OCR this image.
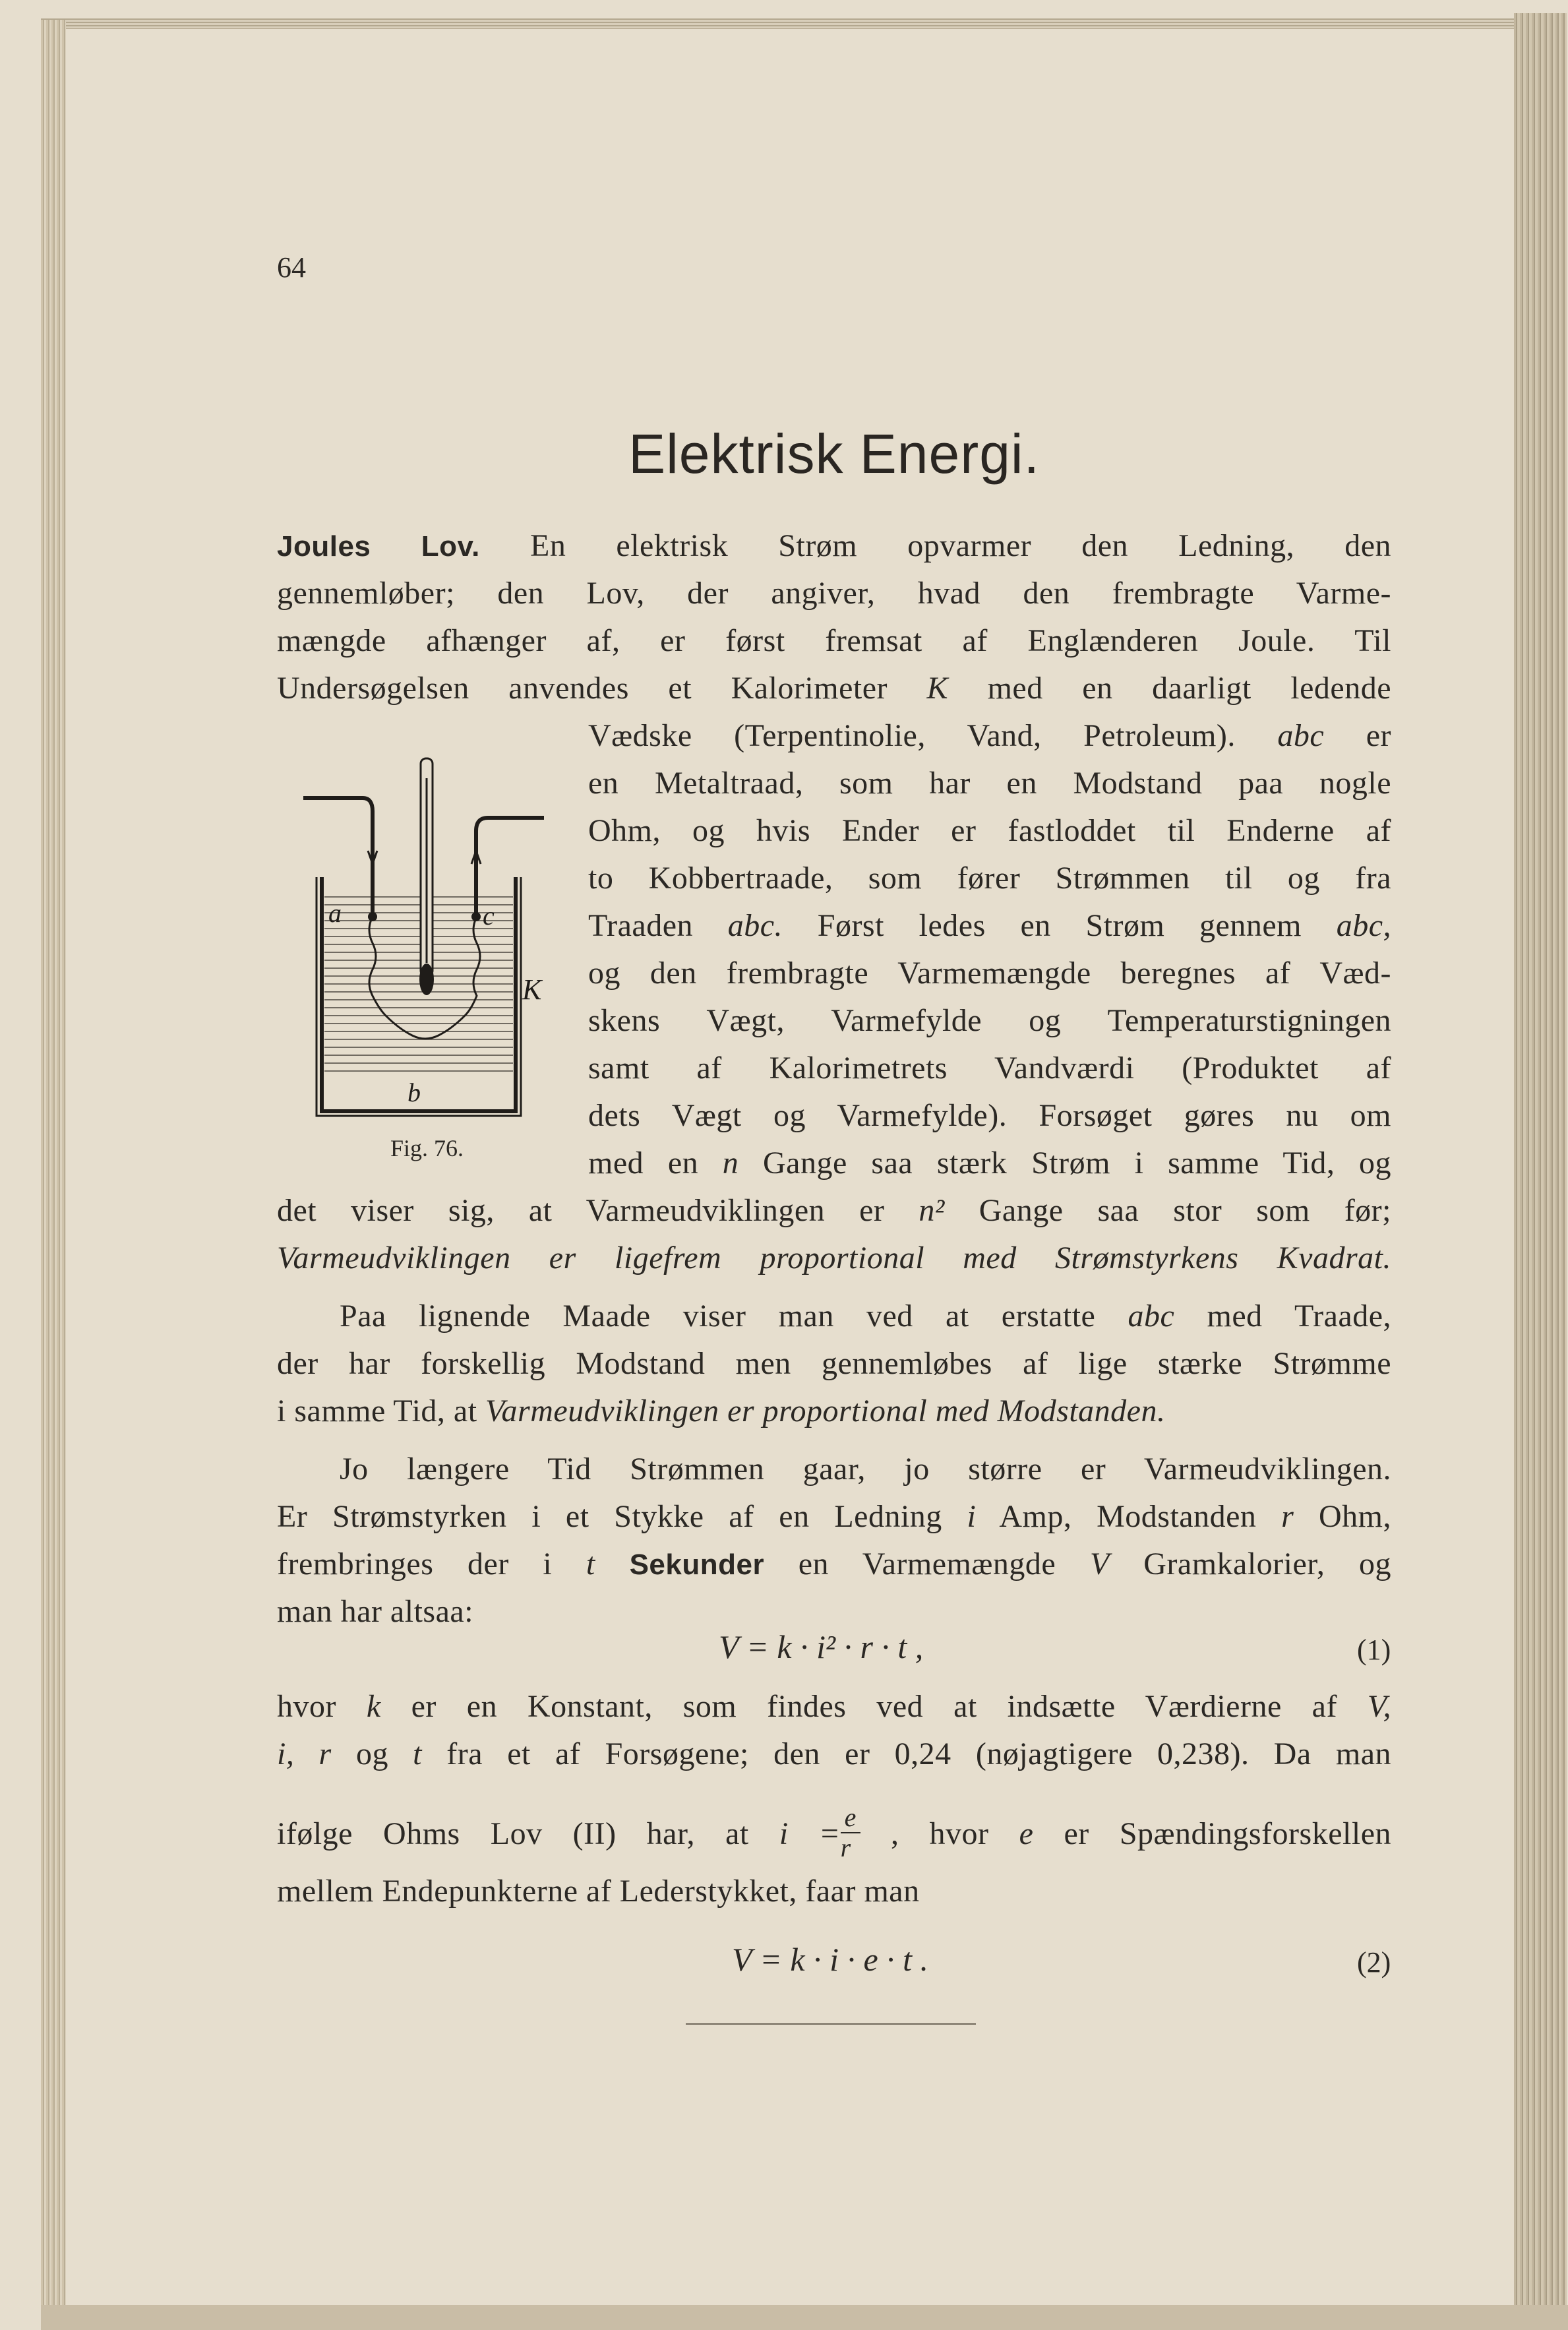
64
Elektrisk Energi.
Joules Lov. En elektrisk Strøm opvarmer den Ledning, den
gennemløber; den Lov, der angiver, hvad den frembragte Varme-
mængde afhænger af, er først fremsat af Englænderen Joule. Til
Undersøgelsen anvendes et Kalorimeter K med en daarligt ledende
Vædske (Terpentinolie, Vand, Petroleum). abc er
en Metaltraad, som har en Modstand paa nogle
Ohm, og hvis Ender er fastloddet til Enderne af
to Kobbertraade, som fører Strømmen til og fra
Traaden abc. Først ledes en Strøm gennem abc,
og den frembragte Varmemængde beregnes af Væd-
skens Vægt, Varmefylde og Temperaturstigningen
samt af Kalorimetrets Vandværdi (Produktet af
dets Vægt og Varmefylde). Forsøget gøres nu om
med en n Gange saa stærk Strøm i samme Tid, og
det viser sig, at Varmeudviklingen er n² Gange saa stor som før;
Varmeudviklingen er ligefrem proportional med Strømstyrkens Kvadrat.
Paa lignende Maade viser man ved at erstatte abc med Traade,
der har forskellig Modstand men gennemløbes af lige stærke Strømme
i samme Tid, at Varmeudviklingen er proportional med Modstanden.
Jo længere Tid Strømmen gaar, jo større er Varmeudviklingen.
Er Strømstyrken i et Stykke af en Ledning i Amp, Modstanden r Ohm,
frembringes der i t Sekunder en Varmemængde V Gramkalorier, og
man har altsaa:
V = k · i² · r · t ,	(1)
hvor k er en Konstant, som findes ved at indsætte Værdierne af V,
i, r og t fra et af Forsøgene; den er 0,24 (nøjagtigere 0,238). Da man
ifølge Ohms Lov (II) har, at $i = \frac{e}{r}$ , hvor e er Spændingsforskellen
mellem Endepunkterne af Lederstykket, faar man
V = k · i · e · t .	(2)
a	c
b
K
Fig. 76.
